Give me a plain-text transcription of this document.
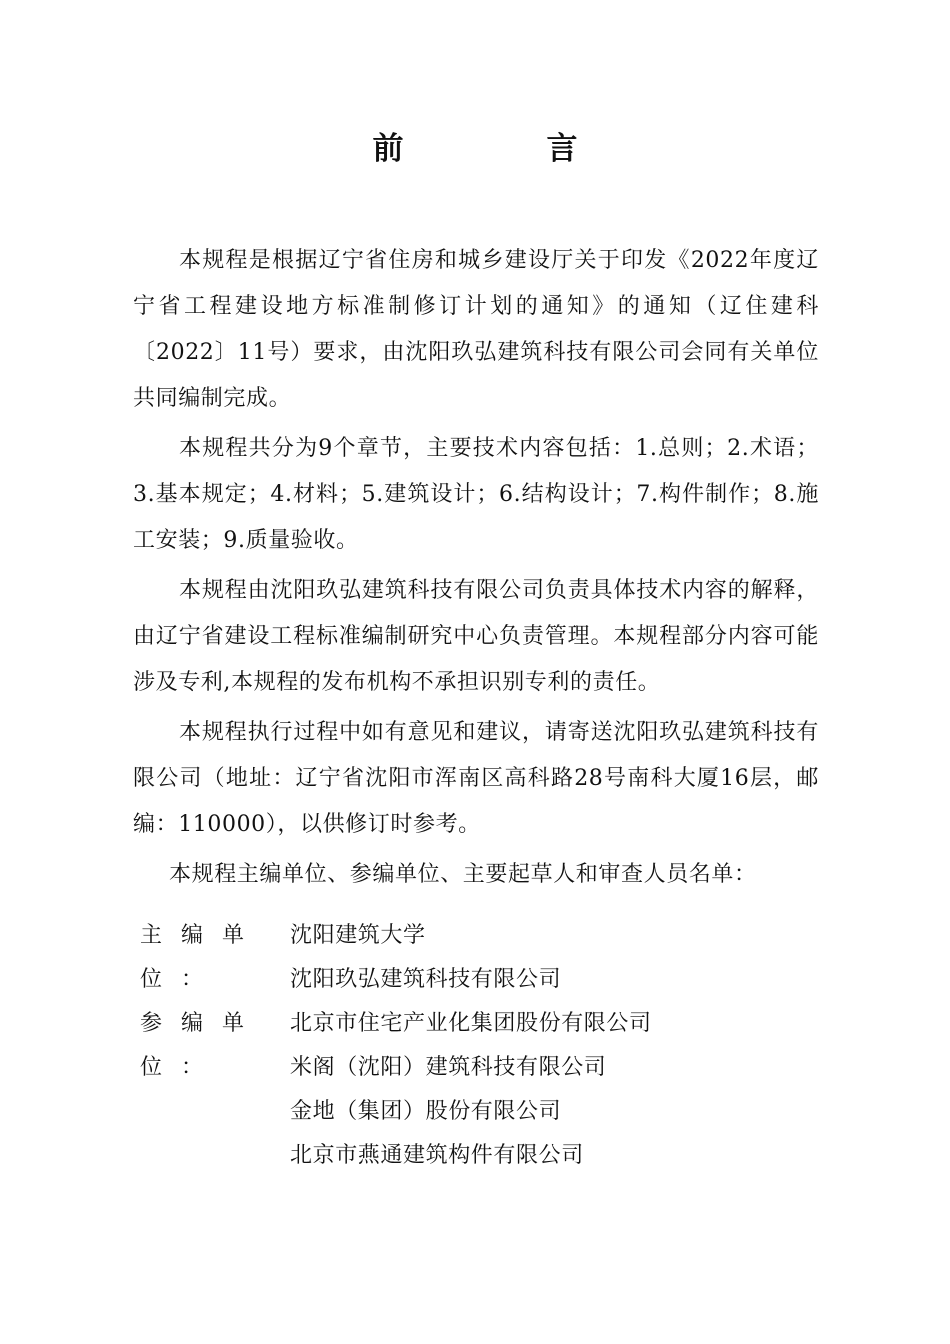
前　言

本规程是根据辽宁省住房和城乡建设厅关于印发《2022年度辽宁省工程建设地方标准制修订计划的通知》的通知（辽住建科〔2022〕11号）要求，由沈阳玖弘建筑科技有限公司会同有关单位共同编制完成。

本规程共分为9个章节，主要技术内容包括：1.总则；2.术语；3.基本规定；4.材料；5.建筑设计；6.结构设计；7.构件制作；8.施工安装；9.质量验收。

本规程由沈阳玖弘建筑科技有限公司负责具体技术内容的解释，由辽宁省建设工程标准编制研究中心负责管理。本规程部分内容可能涉及专利,本规程的发布机构不承担识别专利的责任。

本规程执行过程中如有意见和建议，请寄送沈阳玖弘建筑科技有限公司（地址：辽宁省沈阳市浑南区高科路28号南科大厦16层，邮编：110000），以供修订时参考。

本规程主编单位、参编单位、主要起草人和审查人员名单：

主 编 单 位 ：
沈阳建筑大学
沈阳玖弘建筑科技有限公司
参 编 单 位 ：
北京市住宅产业化集团股份有限公司
米阁（沈阳）建筑科技有限公司
金地（集团）股份有限公司
北京市燕通建筑构件有限公司
